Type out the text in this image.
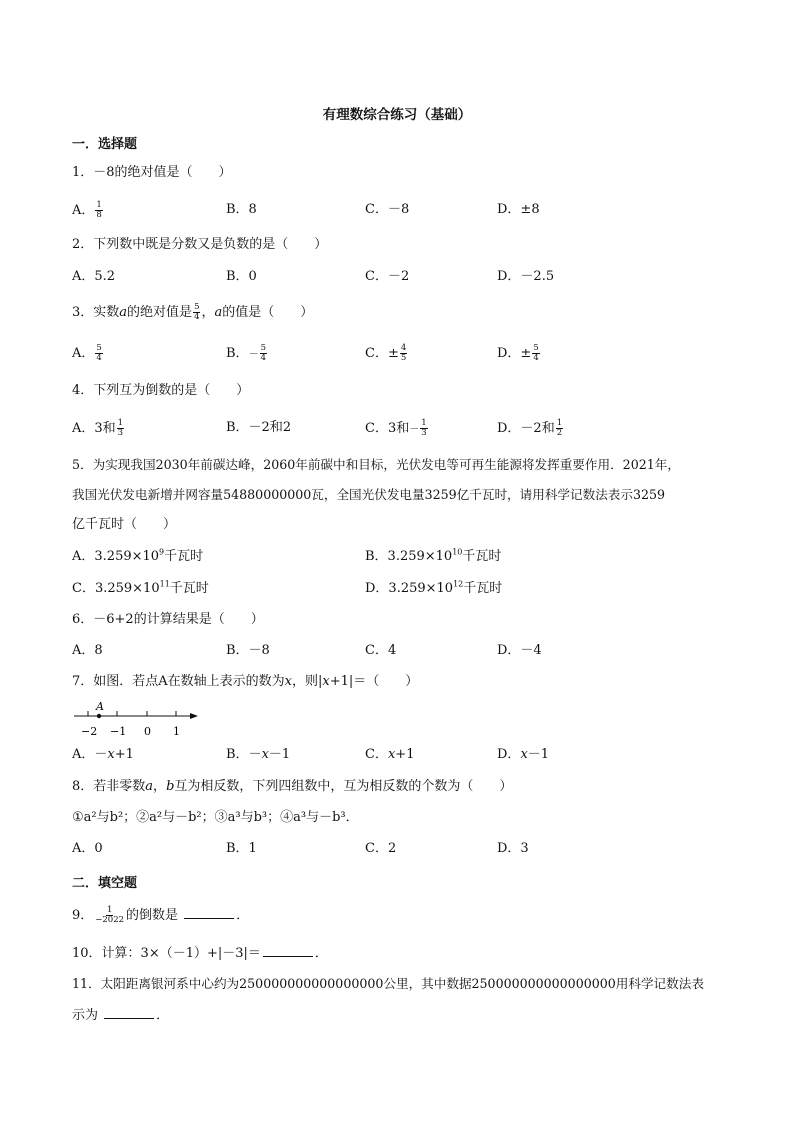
有理数综合练习（基础）
一．选择题
1．－8的绝对值是（　　）
A． $\frac{1}{8}$	B．8	C．－8	D．±8
2．下列数中既是分数又是负数的是（　　）
A．5.2	B．0	C．－2	D．－2.5
3．实数a的绝对值是 $\frac{5}{4}$ ，a的值是（　　）
A． $\frac{5}{4}$	B．－ $\frac{5}{4}$	C．± $\frac{4}{5}$	D．± $\frac{5}{4}$
4．下列互为倒数的是（　　）
A．3和 $\frac{1}{3}$	B．－2和2	C．3和－ $\frac{1}{3}$	D．－2和 $\frac{1}{2}$
5．为实现我国2030年前碳达峰，2060年前碳中和目标，光伏发电等可再生能源将发挥重要作用．2021年，
我国光伏发电新增并网容量54880000000瓦，全国光伏发电量3259亿千瓦时，请用科学记数法表示3259
亿千瓦时（　　）
A．$3.259\times 10^9$千瓦时	B．$3.259\times 10^{10}$千瓦时
C．$3.259\times 10^{11}$千瓦时	D．$3.259\times 10^{12}$千瓦时
6．－6+2的计算结果是（　　）
A．8	B．－8	C．4	D．－4
7．如图．若点A在数轴上表示的数为x，则|x+1|＝（　　）
A
−2 −1 0 1
A．－x+1	B．－x－1	C．x+1	D．x－1
8．若非零数a，b互为相反数，下列四组数中，互为相反数的个数为（　　）
①a²与b²；②a²与－b²；③a³与b³；④a³与－b³．
A．0	B．1	C．2	D．3
二．填空题
9． $\frac{1}{-2022}$ 的倒数是	．
10．计算：3×（－1）+|－3|＝	．
11．太阳距离银河系中心约为250000000000000000公里，其中数据250000000000000000用科学记数法表
示为	．
